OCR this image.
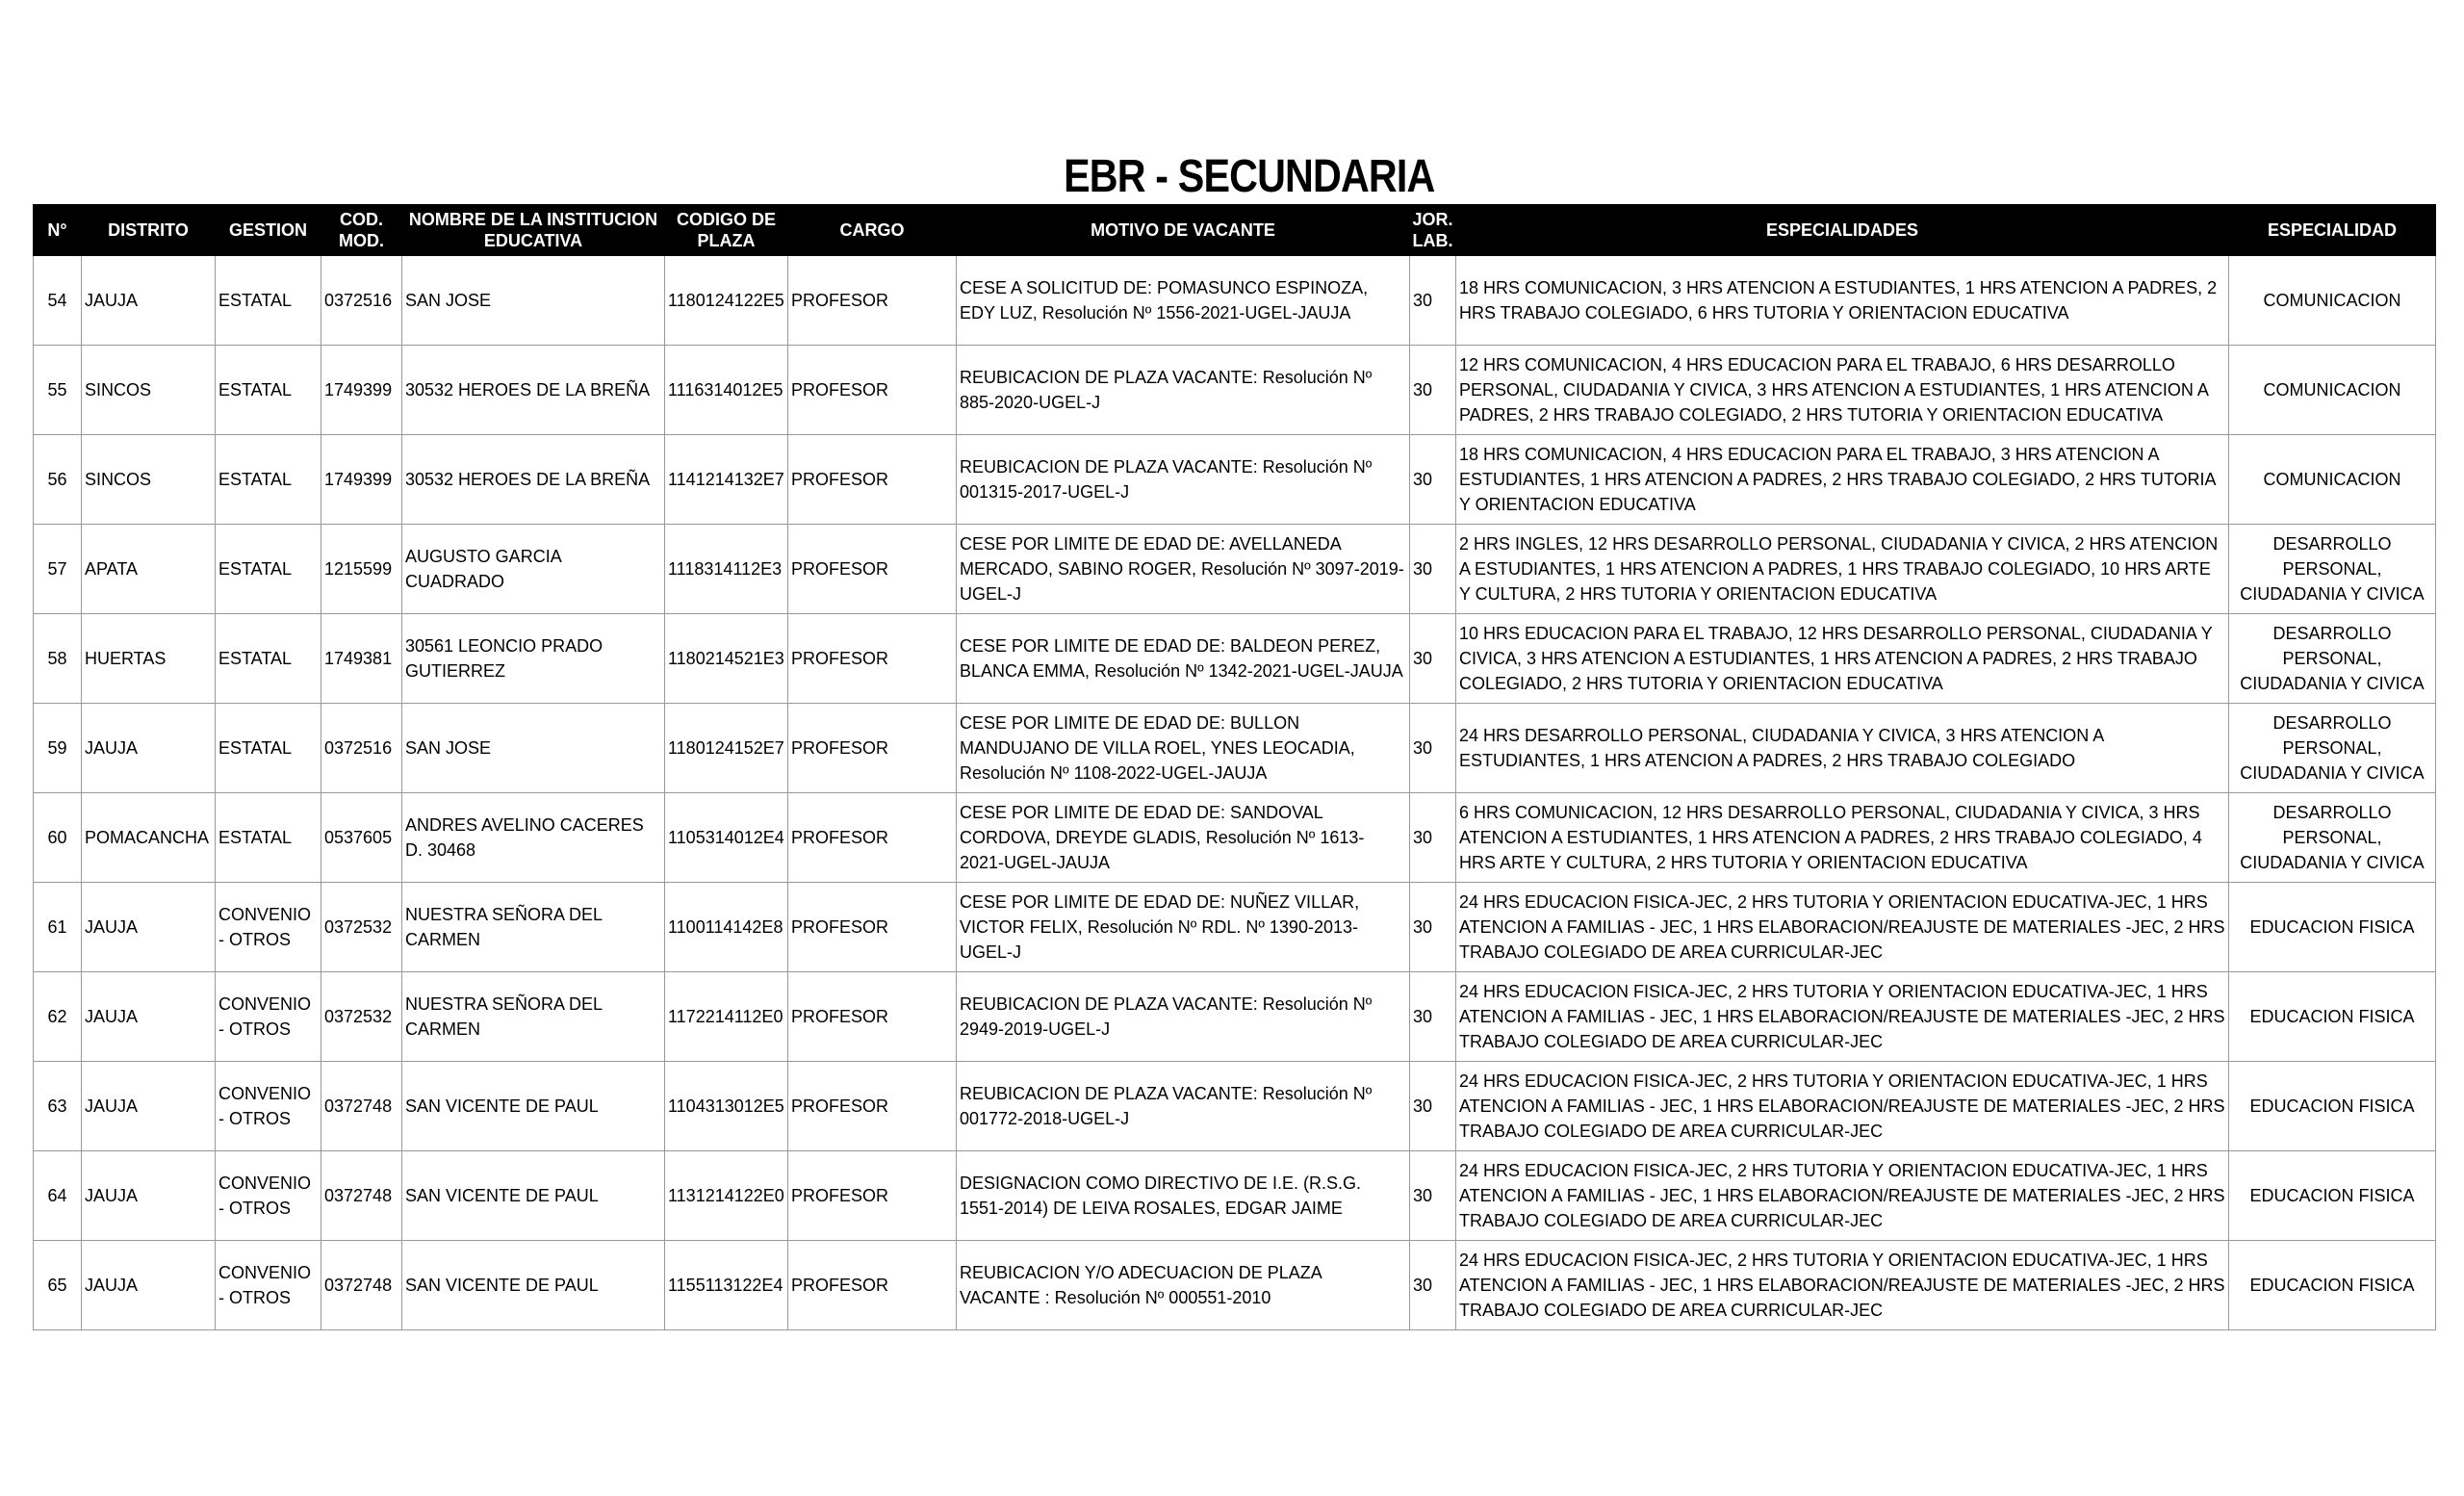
EBR - SECUNDARIA
N°	DISTRITO	GESTION	COD. MOD.	NOMBRE DE LA INSTITUCION EDUCATIVA	CODIGO DE PLAZA	CARGO	MOTIVO DE VACANTE	JOR. LAB.	ESPECIALIDADES	ESPECIALIDAD
54	JAUJA	ESTATAL	0372516	SAN JOSE	1180124122E5	PROFESOR	CESE A SOLICITUD DE: POMASUNCO ESPINOZA, EDY LUZ, Resolución Nº 1556-2021-UGEL-JAUJA	30	18 HRS COMUNICACION, 3 HRS ATENCION A ESTUDIANTES, 1 HRS ATENCION A PADRES, 2 HRS TRABAJO COLEGIADO, 6 HRS TUTORIA Y ORIENTACION EDUCATIVA	COMUNICACION
55	SINCOS	ESTATAL	1749399	30532 HEROES DE LA BREÑA	1116314012E5	PROFESOR	REUBICACION DE PLAZA VACANTE: Resolución Nº 885-2020-UGEL-J	30	12 HRS COMUNICACION, 4 HRS EDUCACION PARA EL TRABAJO, 6 HRS DESARROLLO PERSONAL, CIUDADANIA Y CIVICA, 3 HRS ATENCION A ESTUDIANTES, 1 HRS ATENCION A PADRES, 2 HRS TRABAJO COLEGIADO, 2 HRS TUTORIA Y ORIENTACION EDUCATIVA	COMUNICACION
56	SINCOS	ESTATAL	1749399	30532 HEROES DE LA BREÑA	1141214132E7	PROFESOR	REUBICACION DE PLAZA VACANTE: Resolución Nº 001315-2017-UGEL-J	30	18 HRS COMUNICACION, 4 HRS EDUCACION PARA EL TRABAJO, 3 HRS ATENCION A ESTUDIANTES, 1 HRS ATENCION A PADRES, 2 HRS TRABAJO COLEGIADO, 2 HRS TUTORIA Y ORIENTACION EDUCATIVA	COMUNICACION
57	APATA	ESTATAL	1215599	AUGUSTO GARCIA CUADRADO	1118314112E3	PROFESOR	CESE POR LIMITE DE EDAD DE: AVELLANEDA MERCADO, SABINO ROGER, Resolución Nº 3097-2019-UGEL-J	30	2 HRS INGLES, 12 HRS DESARROLLO PERSONAL, CIUDADANIA Y CIVICA, 2 HRS ATENCION A ESTUDIANTES, 1 HRS ATENCION A PADRES, 1 HRS TRABAJO COLEGIADO, 10 HRS ARTE Y CULTURA, 2 HRS TUTORIA Y ORIENTACION EDUCATIVA	DESARROLLO PERSONAL, CIUDADANIA Y CIVICA
58	HUERTAS	ESTATAL	1749381	30561 LEONCIO PRADO GUTIERREZ	1180214521E3	PROFESOR	CESE POR LIMITE DE EDAD DE: BALDEON PEREZ, BLANCA EMMA, Resolución Nº 1342-2021-UGEL-JAUJA	30	10 HRS EDUCACION PARA EL TRABAJO, 12 HRS DESARROLLO PERSONAL, CIUDADANIA Y CIVICA, 3 HRS ATENCION A ESTUDIANTES, 1 HRS ATENCION A PADRES, 2 HRS TRABAJO COLEGIADO, 2 HRS TUTORIA Y ORIENTACION EDUCATIVA	DESARROLLO PERSONAL, CIUDADANIA Y CIVICA
59	JAUJA	ESTATAL	0372516	SAN JOSE	1180124152E7	PROFESOR	CESE POR LIMITE DE EDAD DE: BULLON MANDUJANO DE VILLA ROEL, YNES LEOCADIA, Resolución Nº 1108-2022-UGEL-JAUJA	30	24 HRS DESARROLLO PERSONAL, CIUDADANIA Y CIVICA, 3 HRS ATENCION A ESTUDIANTES, 1 HRS ATENCION A PADRES, 2 HRS TRABAJO COLEGIADO	DESARROLLO PERSONAL, CIUDADANIA Y CIVICA
60	POMACANCHA	ESTATAL	0537605	ANDRES AVELINO CACERES D. 30468	1105314012E4	PROFESOR	CESE POR LIMITE DE EDAD DE: SANDOVAL CORDOVA, DREYDE GLADIS, Resolución Nº 1613-2021-UGEL-JAUJA	30	6 HRS COMUNICACION, 12 HRS DESARROLLO PERSONAL, CIUDADANIA Y CIVICA, 3 HRS ATENCION A ESTUDIANTES, 1 HRS ATENCION A PADRES, 2 HRS TRABAJO COLEGIADO, 4 HRS ARTE Y CULTURA, 2 HRS TUTORIA Y ORIENTACION EDUCATIVA	DESARROLLO PERSONAL, CIUDADANIA Y CIVICA
61	JAUJA	CONVENIO - OTROS	0372532	NUESTRA SEÑORA DEL CARMEN	1100114142E8	PROFESOR	CESE POR LIMITE DE EDAD DE: NUÑEZ VILLAR, VICTOR FELIX, Resolución Nº RDL. Nº 1390-2013-UGEL-J	30	24 HRS EDUCACION FISICA-JEC, 2 HRS TUTORIA Y ORIENTACION EDUCATIVA-JEC, 1 HRS ATENCION A FAMILIAS - JEC, 1 HRS ELABORACION/REAJUSTE DE MATERIALES -JEC, 2 HRS TRABAJO COLEGIADO DE AREA CURRICULAR-JEC	EDUCACION FISICA
62	JAUJA	CONVENIO - OTROS	0372532	NUESTRA SEÑORA DEL CARMEN	1172214112E0	PROFESOR	REUBICACION DE PLAZA VACANTE: Resolución Nº 2949-2019-UGEL-J	30	24 HRS EDUCACION FISICA-JEC, 2 HRS TUTORIA Y ORIENTACION EDUCATIVA-JEC, 1 HRS ATENCION A FAMILIAS - JEC, 1 HRS ELABORACION/REAJUSTE DE MATERIALES -JEC, 2 HRS TRABAJO COLEGIADO DE AREA CURRICULAR-JEC	EDUCACION FISICA
63	JAUJA	CONVENIO - OTROS	0372748	SAN VICENTE DE PAUL	1104313012E5	PROFESOR	REUBICACION DE PLAZA VACANTE: Resolución Nº 001772-2018-UGEL-J	30	24 HRS EDUCACION FISICA-JEC, 2 HRS TUTORIA Y ORIENTACION EDUCATIVA-JEC, 1 HRS ATENCION A FAMILIAS - JEC, 1 HRS ELABORACION/REAJUSTE DE MATERIALES -JEC, 2 HRS TRABAJO COLEGIADO DE AREA CURRICULAR-JEC	EDUCACION FISICA
64	JAUJA	CONVENIO - OTROS	0372748	SAN VICENTE DE PAUL	1131214122E0	PROFESOR	DESIGNACION COMO DIRECTIVO DE I.E. (R.S.G. 1551-2014) DE LEIVA ROSALES, EDGAR JAIME	30	24 HRS EDUCACION FISICA-JEC, 2 HRS TUTORIA Y ORIENTACION EDUCATIVA-JEC, 1 HRS ATENCION A FAMILIAS - JEC, 1 HRS ELABORACION/REAJUSTE DE MATERIALES -JEC, 2 HRS TRABAJO COLEGIADO DE AREA CURRICULAR-JEC	EDUCACION FISICA
65	JAUJA	CONVENIO - OTROS	0372748	SAN VICENTE DE PAUL	1155113122E4	PROFESOR	REUBICACION Y/O ADECUACION DE PLAZA VACANTE : Resolución Nº 000551-2010	30	24 HRS EDUCACION FISICA-JEC, 2 HRS TUTORIA Y ORIENTACION EDUCATIVA-JEC, 1 HRS ATENCION A FAMILIAS - JEC, 1 HRS ELABORACION/REAJUSTE DE MATERIALES -JEC, 2 HRS TRABAJO COLEGIADO DE AREA CURRICULAR-JEC	EDUCACION FISICA
